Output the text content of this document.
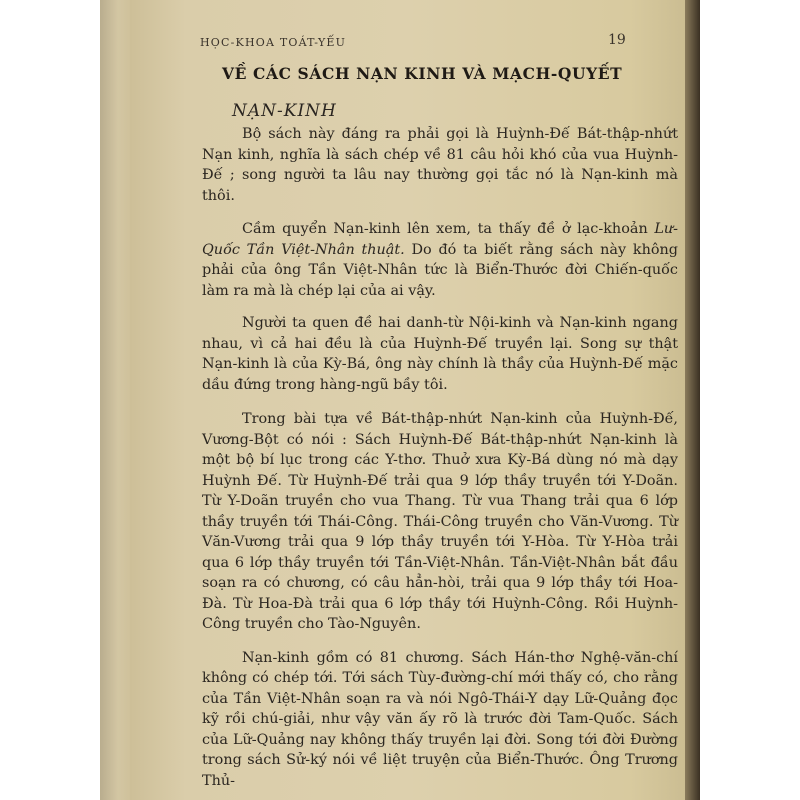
HỌC-KHOA TOÁT-YẾU	19
VỀ CÁC SÁCH NẠN KINH VÀ MẠCH-QUYẾT
NẠN-KINH

Bộ sách này đáng ra phải gọi là Huỳnh-Đế Bát-thập-nhứt Nạn kinh, nghĩa là sách chép về 81 câu hỏi khó của vua Huỳnh-Đế ; song người ta lâu nay thường gọi tắc nó là Nạn-kinh mà thôi.

Cầm quyển Nạn-kinh lên xem, ta thấy đề ở lạc-khoản Lư-Quốc Tần Việt-Nhân thuật. Do đó ta biết rằng sách này không phải của ông Tần Việt-Nhân tức là Biển-Thước đời Chiến-quốc làm ra mà là chép lại của ai vậy.

Người ta quen đề hai danh-từ Nội-kinh và Nạn-kinh ngang nhau, vì cả hai đều là của Huỳnh-Đế truyền lại. Song sự thật Nạn-kinh là của Kỳ-Bá, ông này chính là thầy của Huỳnh-Đế mặc dầu đứng trong hàng-ngũ bầy tôi.

Trong bài tựa về Bát-thập-nhứt Nạn-kinh của Huỳnh-Đế, Vương-Bột có nói : Sách Huỳnh-Đế Bát-thập-nhứt Nạn-kinh là một bộ bí lục trong các Y-thơ. Thuở xưa Kỳ-Bá dùng nó mà dạy Huỳnh Đế. Từ Huỳnh-Đế trải qua 9 lớp thầy truyền tới Y-Doãn. Từ Y-Doãn truyền cho vua Thang. Từ vua Thang trải qua 6 lớp thầy truyền tới Thái-Công. Thái-Công truyền cho Văn-Vương. Từ Văn-Vương trải qua 9 lớp thầy truyền tới Y-Hòa. Từ Y-Hòa trải qua 6 lớp thầy truyền tới Tần-Việt-Nhân. Tần-Việt-Nhân bắt đầu soạn ra có chương, có câu hẳn-hòi, trải qua 9 lớp thầy tới Hoa-Đà. Từ Hoa-Đà trải qua 6 lớp thầy tới Huỳnh-Công. Rồi Huỳnh-Công truyền cho Tào-Nguyên.

Nạn-kinh gồm có 81 chương. Sách Hán-thơ Nghệ-văn-chí không có chép tới. Tới sách Tùy-đường-chí mới thấy có, cho rằng của Tần Việt-Nhân soạn ra và nói Ngô-Thái-Y dạy Lữ-Quảng đọc kỹ rồi chú-giải, như vậy văn ấy rõ là trước đời Tam-Quốc. Sách của Lữ-Quảng nay không thấy truyền lại đời. Song tới đời Đường trong sách Sử-ký nói về liệt truyện của Biển-Thước. Ông Trương Thủ-
